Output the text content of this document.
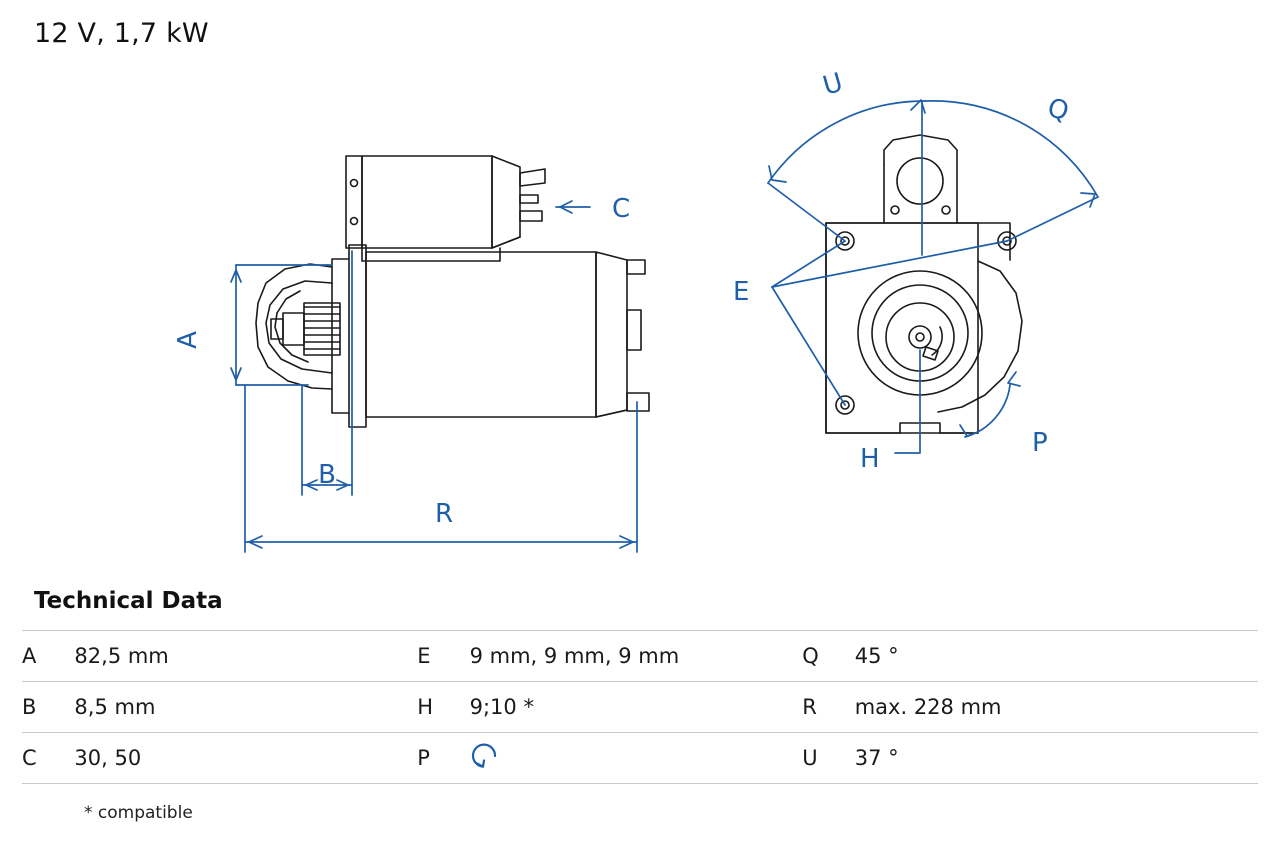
12 V, 1,7 kW
A
B
C
R
U
Q
E
H
P
Technical Data
A	82,5 mm	E	9 mm, 9 mm, 9 mm	Q	45 °
B	8,5 mm	H	9;10 *	R	max. 228 mm
C	30, 50	P		U	37 °
* compatible
